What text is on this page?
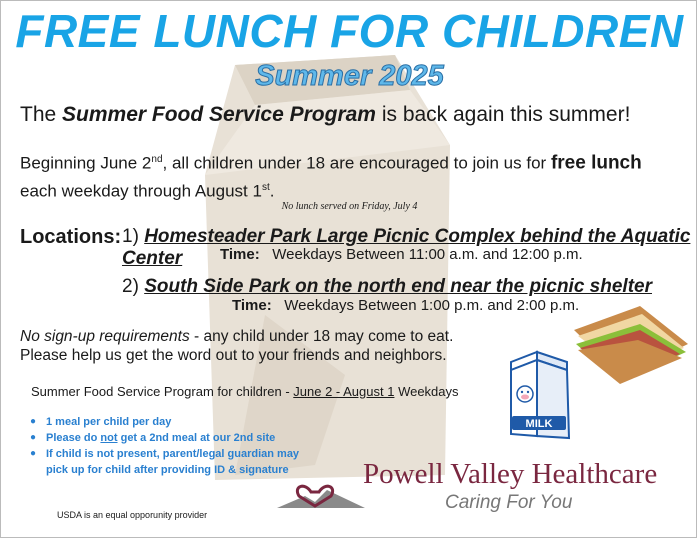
FREE LUNCH FOR CHILDREN
Summer 2025
The Summer Food Service Program is back again this summer!
Beginning June 2nd, all children under 18 are encouraged to join us for free lunch
each weekday through August 1st.
No lunch served on Friday, July 4
Locations: 1) Homesteader Park Large Picnic Complex behind the Aquatic Center	Time: Weekdays Between 11:00 a.m. and 12:00 p.m.
2) South Side Park on the north end near the picnic shelter
Time: Weekdays Between 1:00 p.m. and 2:00 p.m.
No sign-up requirements - any child under 18 may come to eat.
Please help us get the word out to your friends and neighbors.
Summer Food Service Program for children - June 2 - August 1 Weekdays
● 1 meal per child per day
● Please do not get a 2nd meal at our 2nd site
● If child is not present, parent/legal guardian may pick up for child after providing ID & signature
USDA is an equal opporunity provider
MILK
Powell Valley Healthcare
Caring For You
